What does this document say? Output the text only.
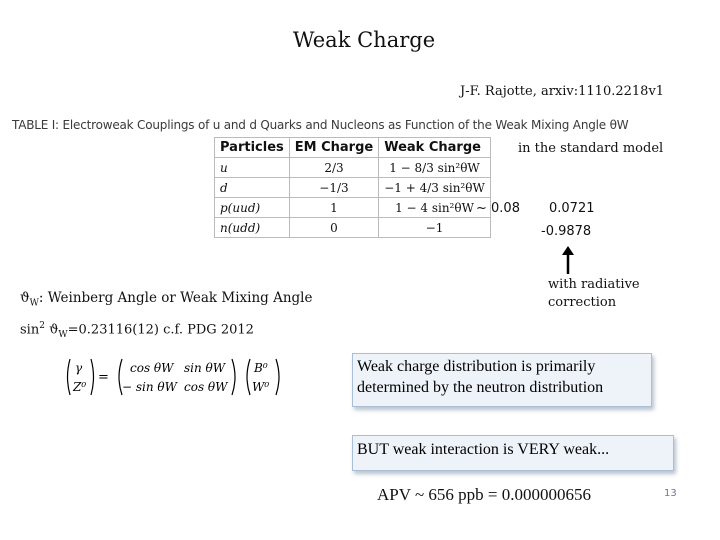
Weak Charge
J-F. Rajotte, arxiv:1110.2218v1
TABLE I: Electroweak Couplings of u and d Quarks and Nucleons as Function of the Weak Mixing Angle θW
in the standard model
Particles	EM Charge	Weak Charge
u	2/3	1 − 8/3 sin²θW
d	−1/3	−1 + 4/3 sin²θW
p(uud)	1	1 − 4 sin²θW
n(udd)	0	−1
~ 0.08 0.0721
-0.9878
with radiative
correction
$ϑ_W$: Weinberg Angle or Weak Mixing Angle
$\sin^2 ϑ_W=0.23116(12)$ c.f. PDG 2012
γ
Z⁰
=
cos θW sin θW
− sin θW cos θW
B⁰
W⁰
Weak charge distribution is primarily
determined by the neutron distribution
BUT weak interaction is VERY weak...
APV ~ 656 ppb = 0.000000656	13
